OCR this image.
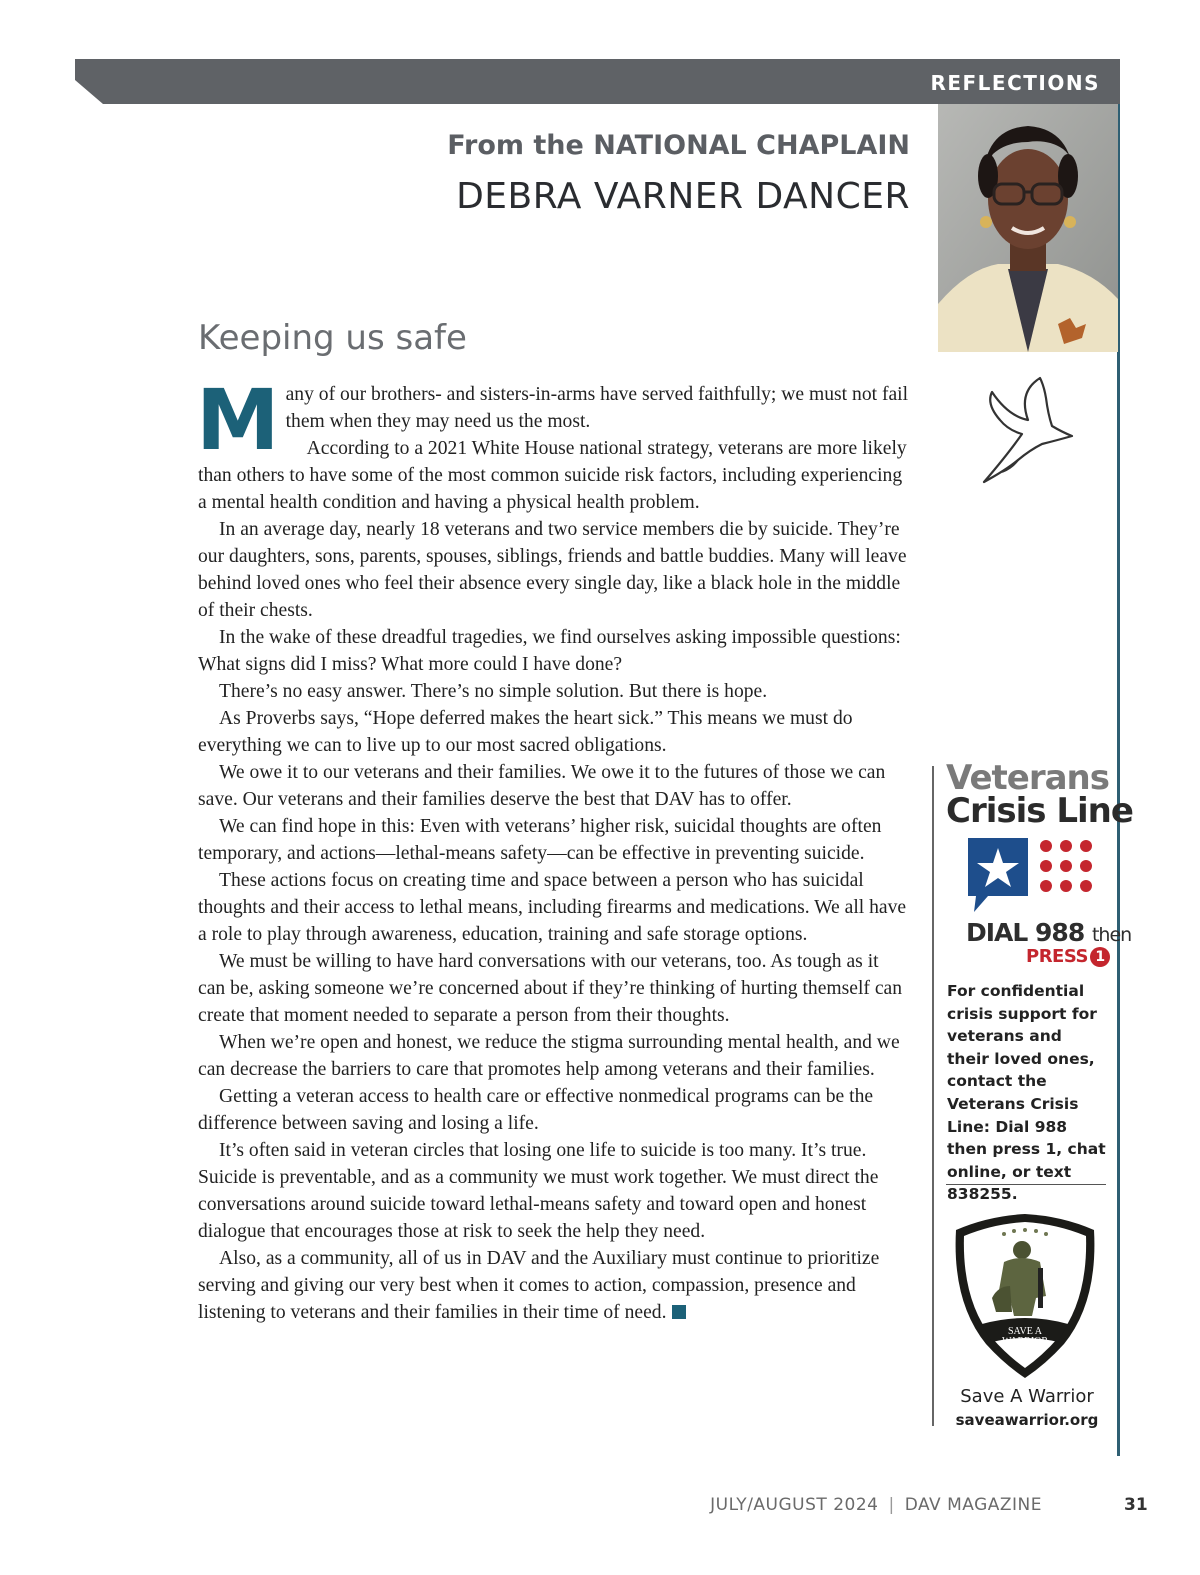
REFLECTIONS
From the NATIONAL CHAPLAIN
DEBRA VARNER DANCER
Keeping us safe

Many of our brothers- and sisters-in-arms have served faithfully; we must not fail them when they may need us the most.

According to a 2021 White House national strategy, veterans are more likely than others to have some of the most common suicide risk factors, including experiencing a mental health condition and having a physical health problem.

In an average day, nearly 18 veterans and two service members die by suicide. They’re our daughters, sons, parents, spouses, siblings, friends and battle buddies. Many will leave behind loved ones who feel their absence every single day, like a black hole in the middle of their chests.

In the wake of these dreadful tragedies, we find ourselves asking impossible questions: What signs did I miss? What more could I have done?

There’s no easy answer. There’s no simple solution. But there is hope.

As Proverbs says, “Hope deferred makes the heart sick.” This means we must do everything we can to live up to our most sacred obligations.

We owe it to our veterans and their families. We owe it to the futures of those we can save. Our veterans and their families deserve the best that DAV has to offer.

We can find hope in this: Even with veterans’ higher risk, suicidal thoughts are often temporary, and actions—lethal-means safety—can be effective in preventing suicide.

These actions focus on creating time and space between a person who has suicidal thoughts and their access to lethal means, including firearms and medications. We all have a role to play through awareness, education, training and safe storage options.

We must be willing to have hard conversations with our veterans, too. As tough as it can be, asking someone we’re concerned about if they’re thinking of hurting themself can create that moment needed to separate a person from their thoughts.

When we’re open and honest, we reduce the stigma surrounding mental health, and we can decrease the barriers to care that promotes help among veterans and their families.

Getting a veteran access to health care or effective nonmedical programs can be the difference between saving and losing a life.

It’s often said in veteran circles that losing one life to suicide is too many. It’s true. Suicide is preventable, and as a community we must work together. We must direct the conversations around suicide toward lethal-means safety and toward open and honest dialogue that encourages those at risk to seek the help they need.

Also, as a community, all of us in DAV and the Auxiliary must continue to prioritize serving and giving our very best when it comes to action, compassion, presence and listening to veterans and their families in their time of need.

Veterans
Crisis Line
DIAL 988 then
PRESS 1
For confidential crisis support for veterans and their loved ones, contact the Veterans Crisis Line: Dial 988 then press 1, chat online, or text 838255.
SAVE A
WARRIOR
Save A Warrior
saveawarrior.org
JULY/AUGUST 2024 | DAV MAGAZINE	31
